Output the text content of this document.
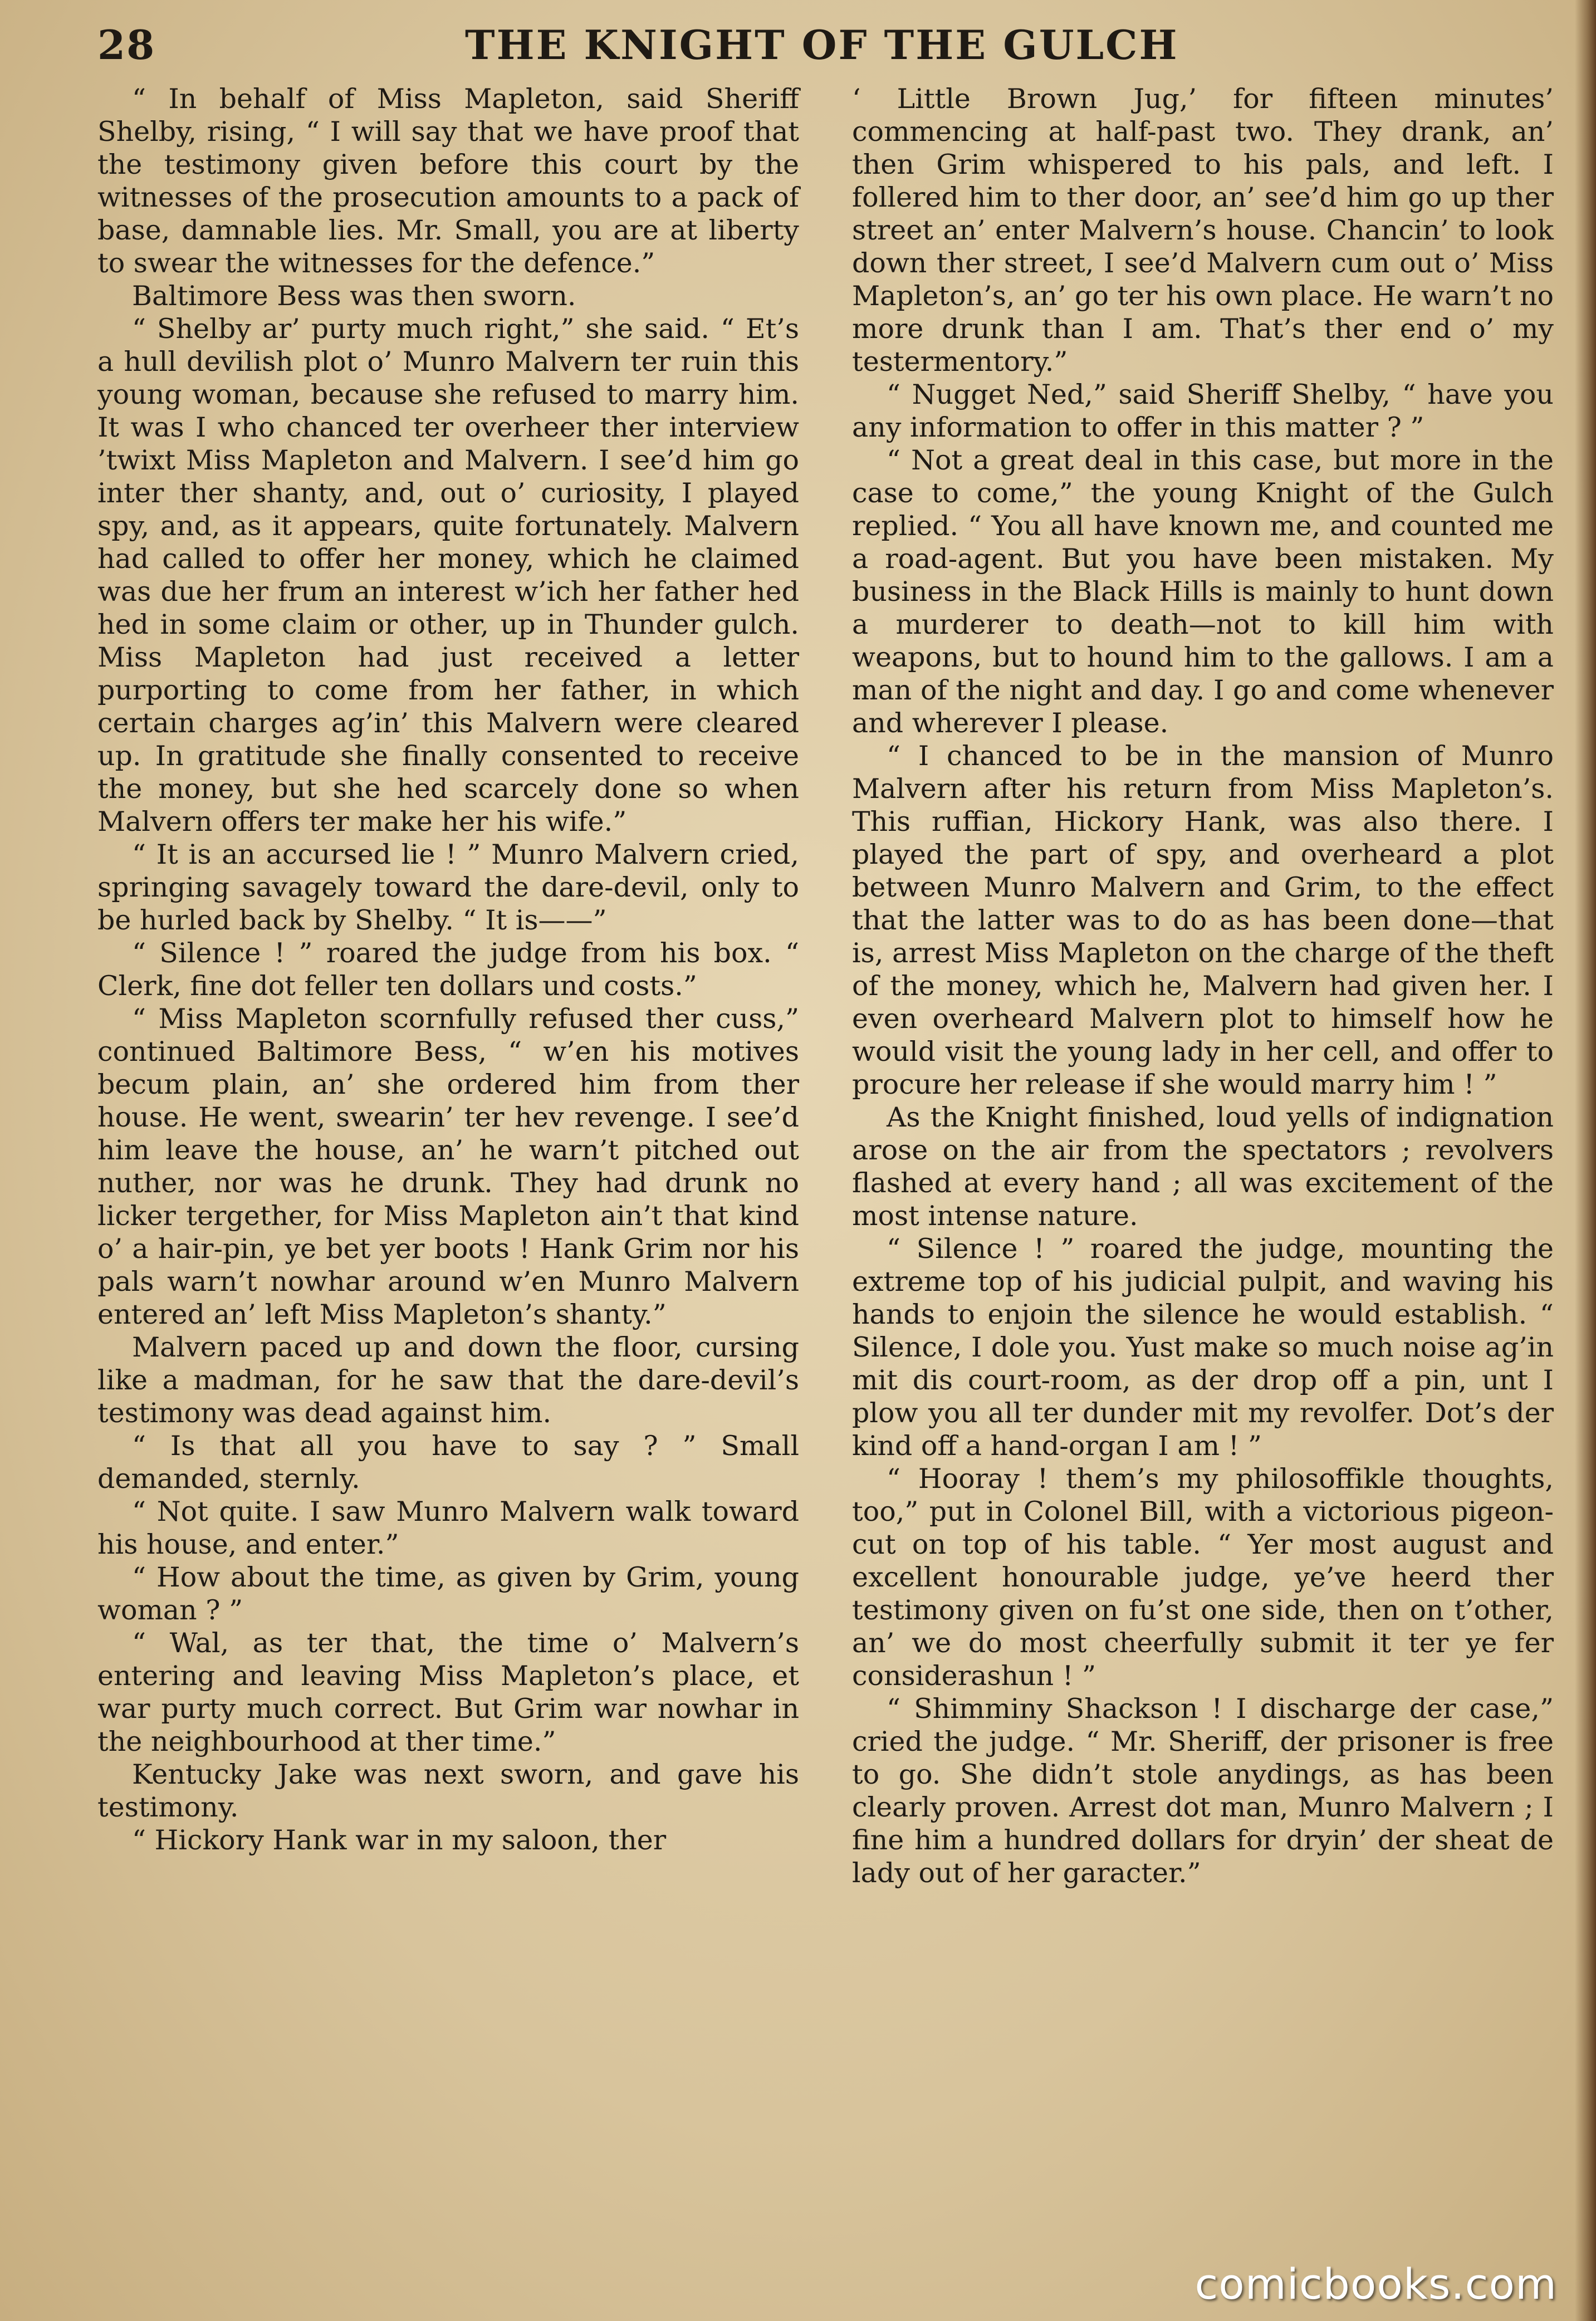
28	THE KNIGHT OF THE GULCH

“ In behalf of Miss Mapleton, said Sheriff Shelby, rising, “ I will say that we have proof that the testimony given before this court by the witnesses of the prosecution amounts to a pack of base, damnable lies. Mr. Small, you are at liberty to swear the witnesses for the defence.”

Baltimore Bess was then sworn.

“ Shelby ar’ purty much right,” she said. “ Et’s a hull devilish plot o’ Munro Malvern ter ruin this young woman, because she refused to marry him. It was I who chanced ter overheer ther interview ’twixt Miss Mapleton and Malvern. I see’d him go inter ther shanty, and, out o’ curiosity, I played spy, and, as it appears, quite fortunately. Malvern had called to offer her money, which he claimed was due her frum an interest w’ich her father hed hed in some claim or other, up in Thunder gulch. Miss Mapleton had just received a letter purporting to come from her father, in which certain charges ag’in’ this Malvern were cleared up. In gratitude she finally consented to receive the money, but she hed scarcely done so when Malvern offers ter make her his wife.”

“ It is an accursed lie ! ” Munro Malvern cried, springing savagely toward the dare-devil, only to be hurled back by Shelby. “ It is——”

“ Silence ! ” roared the judge from his box. “ Clerk, fine dot feller ten dollars und costs.”

“ Miss Mapleton scornfully refused ther cuss,” continued Baltimore Bess, “ w’en his motives becum plain, an’ she ordered him from ther house. He went, swearin’ ter hev revenge. I see’d him leave the house, an’ he warn’t pitched out nuther, nor was he drunk. They had drunk no licker tergether, for Miss Mapleton ain’t that kind o’ a hair-pin, ye bet yer boots ! Hank Grim nor his pals warn’t nowhar around w’en Munro Malvern entered an’ left Miss Mapleton’s shanty.”

Malvern paced up and down the floor, cursing like a madman, for he saw that the dare-devil’s testimony was dead against him.

“ Is that all you have to say ? ” Small demanded, sternly.

“ Not quite. I saw Munro Malvern walk toward his house, and enter.”

“ How about the time, as given by Grim, young woman ? ”

“ Wal, as ter that, the time o’ Malvern’s entering and leaving Miss Mapleton’s place, et war purty much correct. But Grim war nowhar in the neighbourhood at ther time.”

Kentucky Jake was next sworn, and gave his testimony.

“ Hickory Hank war in my saloon, ther

‘ Little Brown Jug,’ for fifteen minutes’ commencing at half-past two. They drank, an’ then Grim whispered to his pals, and left. I follered him to ther door, an’ see’d him go up ther street an’ enter Malvern’s house. Chancin’ to look down ther street, I see’d Malvern cum out o’ Miss Mapleton’s, an’ go ter his own place. He warn’t no more drunk than I am. That’s ther end o’ my testermentory.”

“ Nugget Ned,” said Sheriff Shelby, “ have you any information to offer in this matter ? ”

“ Not a great deal in this case, but more in the case to come,” the young Knight of the Gulch replied. “ You all have known me, and counted me a road-agent. But you have been mistaken. My business in the Black Hills is mainly to hunt down a murderer to death—not to kill him with weapons, but to hound him to the gallows. I am a man of the night and day. I go and come whenever and wherever I please.

“ I chanced to be in the mansion of Munro Malvern after his return from Miss Mapleton’s. This ruffian, Hickory Hank, was also there. I played the part of spy, and overheard a plot between Munro Malvern and Grim, to the effect that the latter was to do as has been done—that is, arrest Miss Mapleton on the charge of the theft of the money, which he, Malvern had given her. I even overheard Malvern plot to himself how he would visit the young lady in her cell, and offer to procure her release if she would marry him ! ”

As the Knight finished, loud yells of indignation arose on the air from the spectators ; revolvers flashed at every hand ; all was excitement of the most intense nature.

“ Silence ! ” roared the judge, mounting the extreme top of his judicial pulpit, and waving his hands to enjoin the silence he would establish. “ Silence, I dole you. Yust make so much noise ag’in mit dis court-room, as der drop off a pin, unt I plow you all ter dunder mit my revolfer. Dot’s der kind off a hand-organ I am ! ”

“ Hooray ! them’s my philosoffikle thoughts, too,” put in Colonel Bill, with a victorious pigeon-cut on top of his table. “ Yer most august and excellent honourable judge, ye’ve heerd ther testimony given on fu’st one side, then on t’other, an’ we do most cheerfully submit it ter ye fer considerashun ! ”

“ Shimminy Shackson ! I discharge der case,” cried the judge. “ Mr. Sheriff, der prisoner is free to go. She didn’t stole anydings, as has been clearly proven. Arrest dot man, Munro Malvern ; I fine him a hundred dollars for dryin’ der sheat de lady out of her garacter.”

comicbooks.com
